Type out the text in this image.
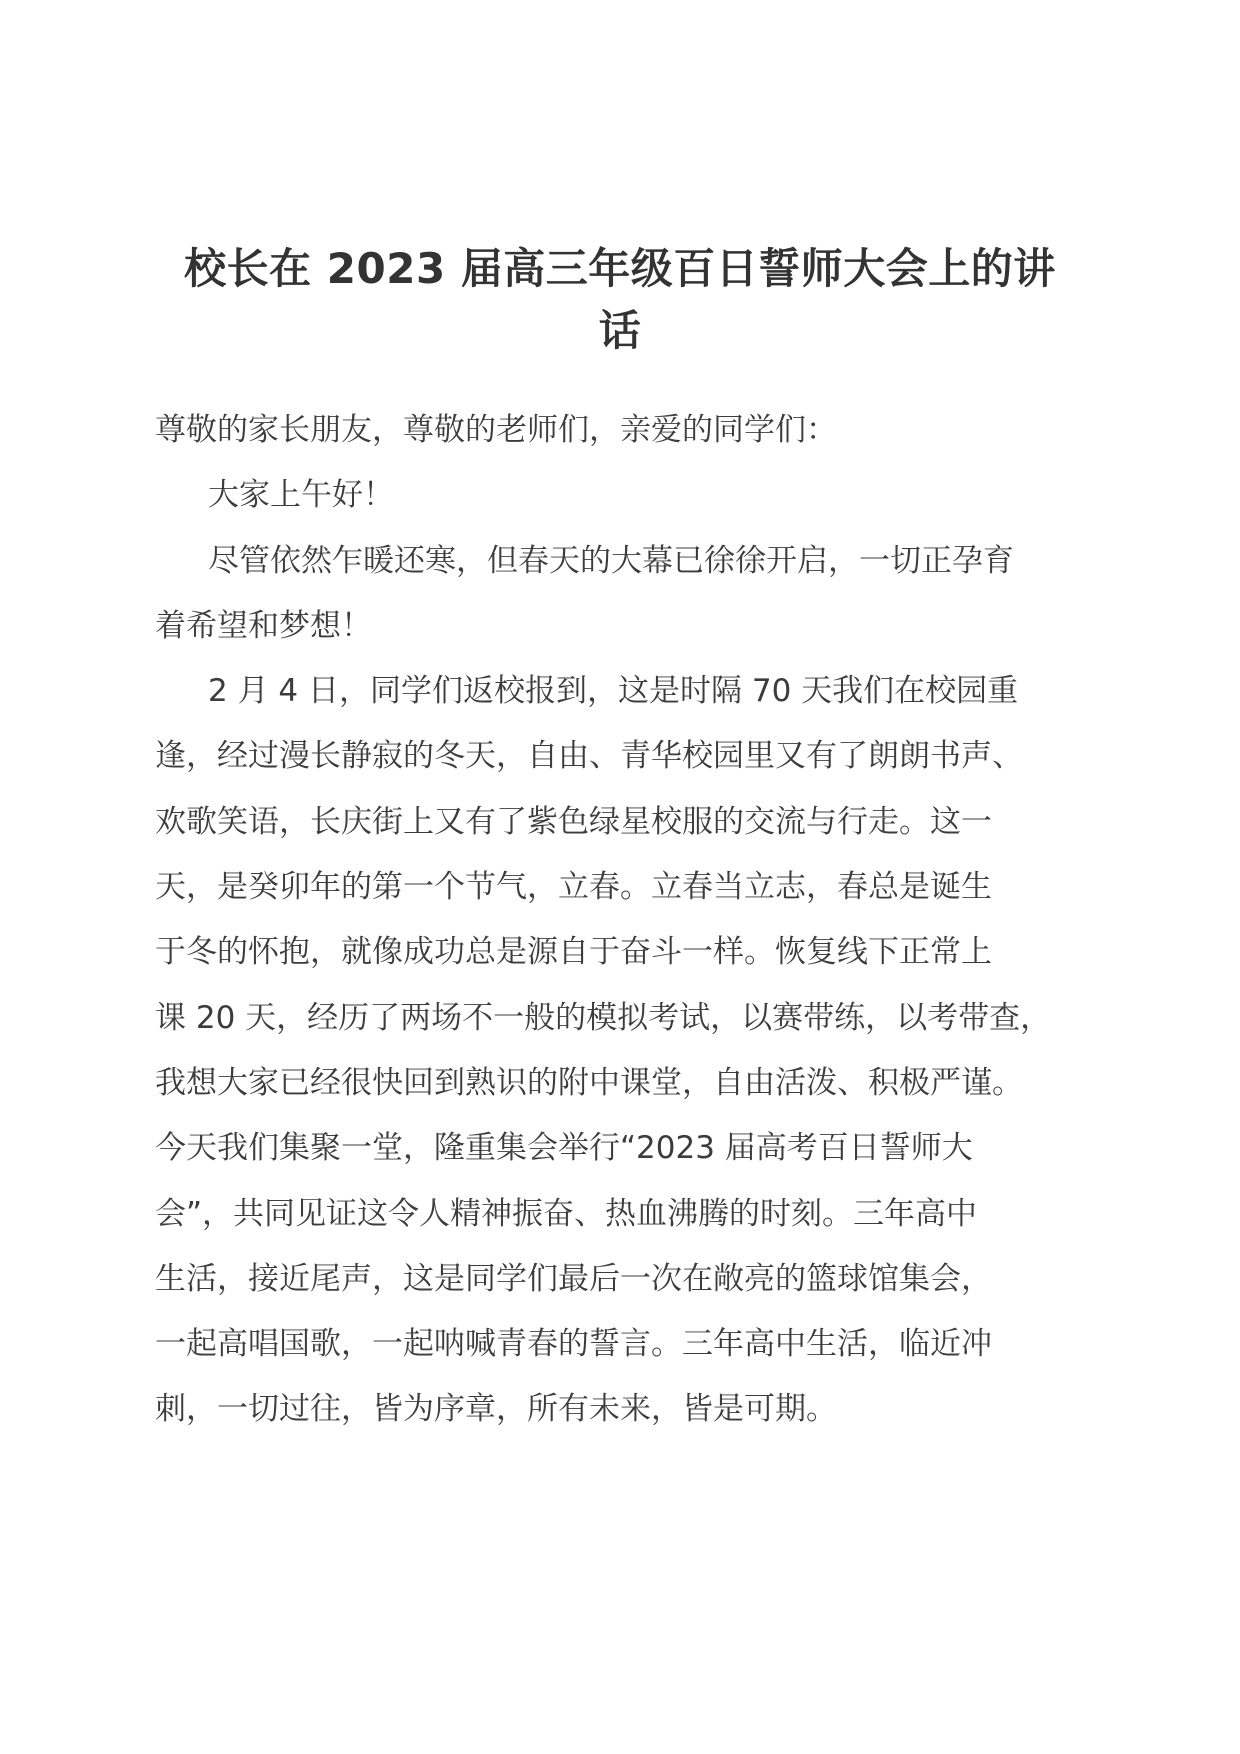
校长在 2023 届高三年级百日誓师大会上的讲
话
尊敬的家长朋友，尊敬的老师们，亲爱的同学们：
大家上午好！
尽管依然乍暖还寒，但春天的大幕已徐徐开启，一切正孕育
着希望和梦想！
2 月 4 日，同学们返校报到，这是时隔 70 天我们在校园重
逢，经过漫长静寂的冬天，自由、青华校园里又有了朗朗书声、
欢歌笑语，长庆街上又有了紫色绿星校服的交流与行走。这一
天，是癸卯年的第一个节气，立春。立春当立志，春总是诞生
于冬的怀抱，就像成功总是源自于奋斗一样。恢复线下正常上
课 20 天，经历了两场不一般的模拟考试，以赛带练，以考带查，
我想大家已经很快回到熟识的附中课堂，自由活泼、积极严谨。
今天我们集聚一堂，隆重集会举行“2023 届高考百日誓师大
会”，共同见证这令人精神振奋、热血沸腾的时刻。三年高中
生活，接近尾声，这是同学们最后一次在敞亮的篮球馆集会，
一起高唱国歌，一起呐喊青春的誓言。三年高中生活，临近冲
刺，一切过往，皆为序章，所有未来，皆是可期。
